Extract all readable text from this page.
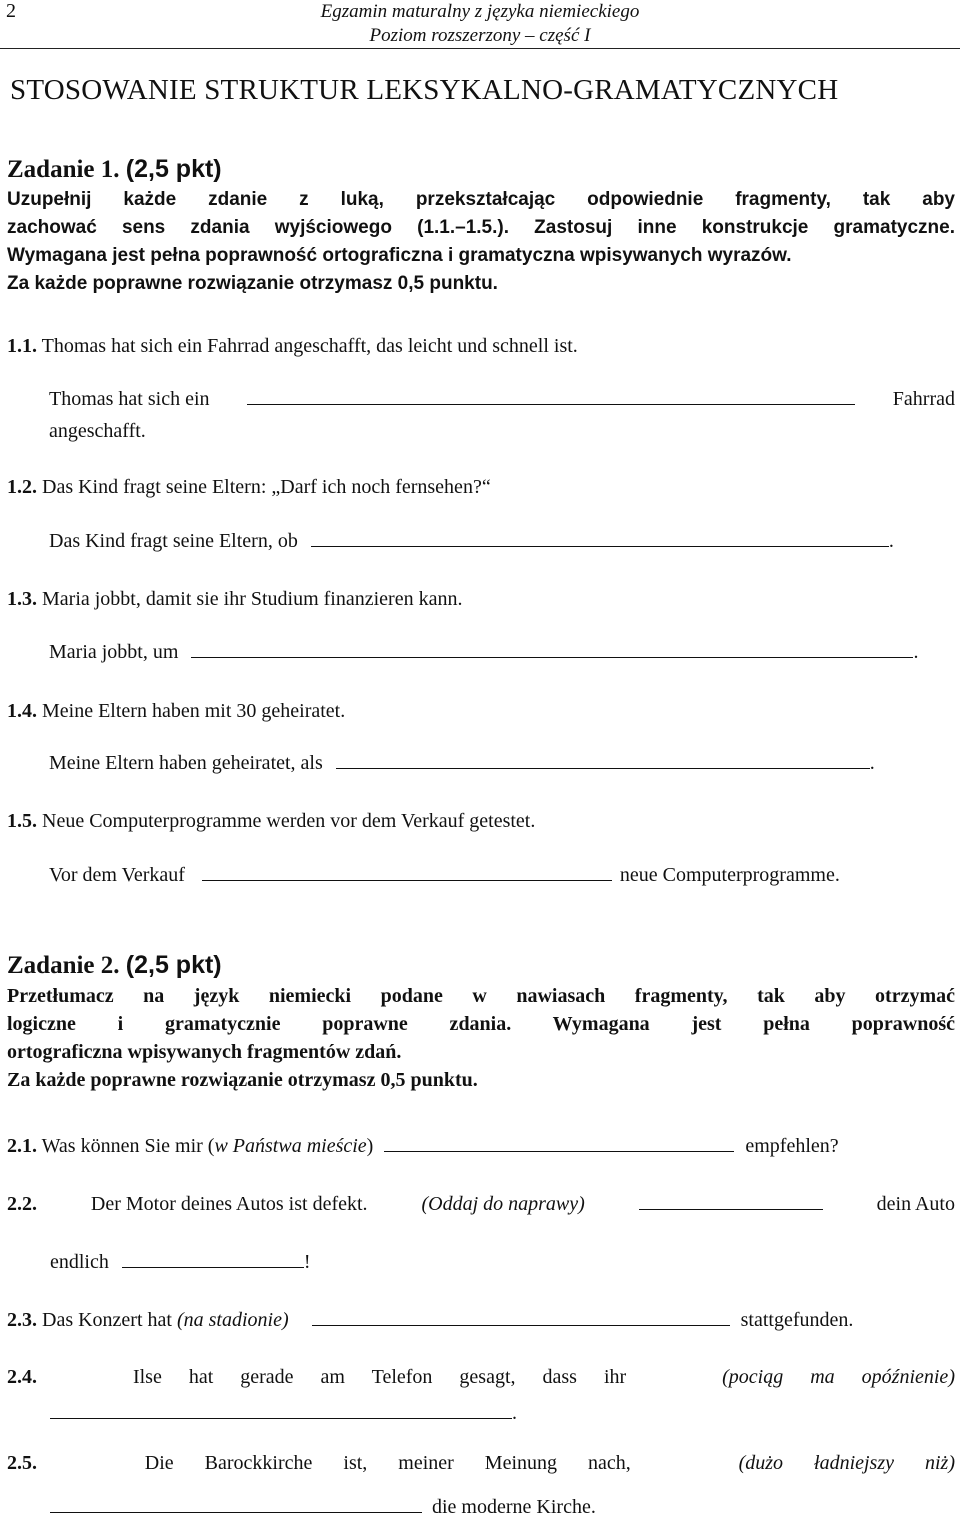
2	Egzamin maturalny z języka niemieckiego
Poziom rozszerzony – część I
STOSOWANIE STRUKTUR LEKSYKALNO-GRAMATYCZNYCH
Zadanie 1. (2,5 pkt)
Uzupełnij każde zdanie z luką, przekształcając odpowiednie fragmenty, tak aby
zachować sens zdania wyjściowego (1.1.–1.5.). Zastosuj inne konstrukcje gramatyczne.
Wymagana jest pełna poprawność ortograficzna i gramatyczna wpisywanych wyrazów.
Za każde poprawne rozwiązanie otrzymasz 0,5 punktu.
1.1. Thomas hat sich ein Fahrrad angeschafft, das leicht und schnell ist.
Thomas hat sich ein	Fahrrad
angeschafft.
1.2. Das Kind fragt seine Eltern: „Darf ich noch fernsehen?“
Das Kind fragt seine Eltern, ob	.
1.3. Maria jobbt, damit sie ihr Studium finanzieren kann.
Maria jobbt, um	.
1.4. Meine Eltern haben mit 30 geheiratet.
Meine Eltern haben geheiratet, als	.
1.5. Neue Computerprogramme werden vor dem Verkauf getestet.
Vor dem Verkauf	neue Computerprogramme.
Zadanie 2. (2,5 pkt)
Przetłumacz na język niemiecki podane w nawiasach fragmenty, tak aby otrzymać
logiczne i gramatycznie poprawne zdania. Wymagana jest pełna poprawność
ortograficzna wpisywanych fragmentów zdań.
Za każde poprawne rozwiązanie otrzymasz 0,5 punktu.
2.1. Was können Sie mir (w Państwa mieście)	empfehlen?
2.2.	Der Motor deines Autos ist defekt.	(Oddaj do naprawy)	dein Auto
endlich	!
2.3. Das Konzert hat (na stadionie)	stattgefunden.
2.4.	Ilse hat gerade am Telefon gesagt, dass ihr	(pociąg ma opóźnienie)
.
2.5.	Die Barockkirche ist, meiner Meinung nach,	(dużo ładniejszy niż)
die moderne Kirche.
